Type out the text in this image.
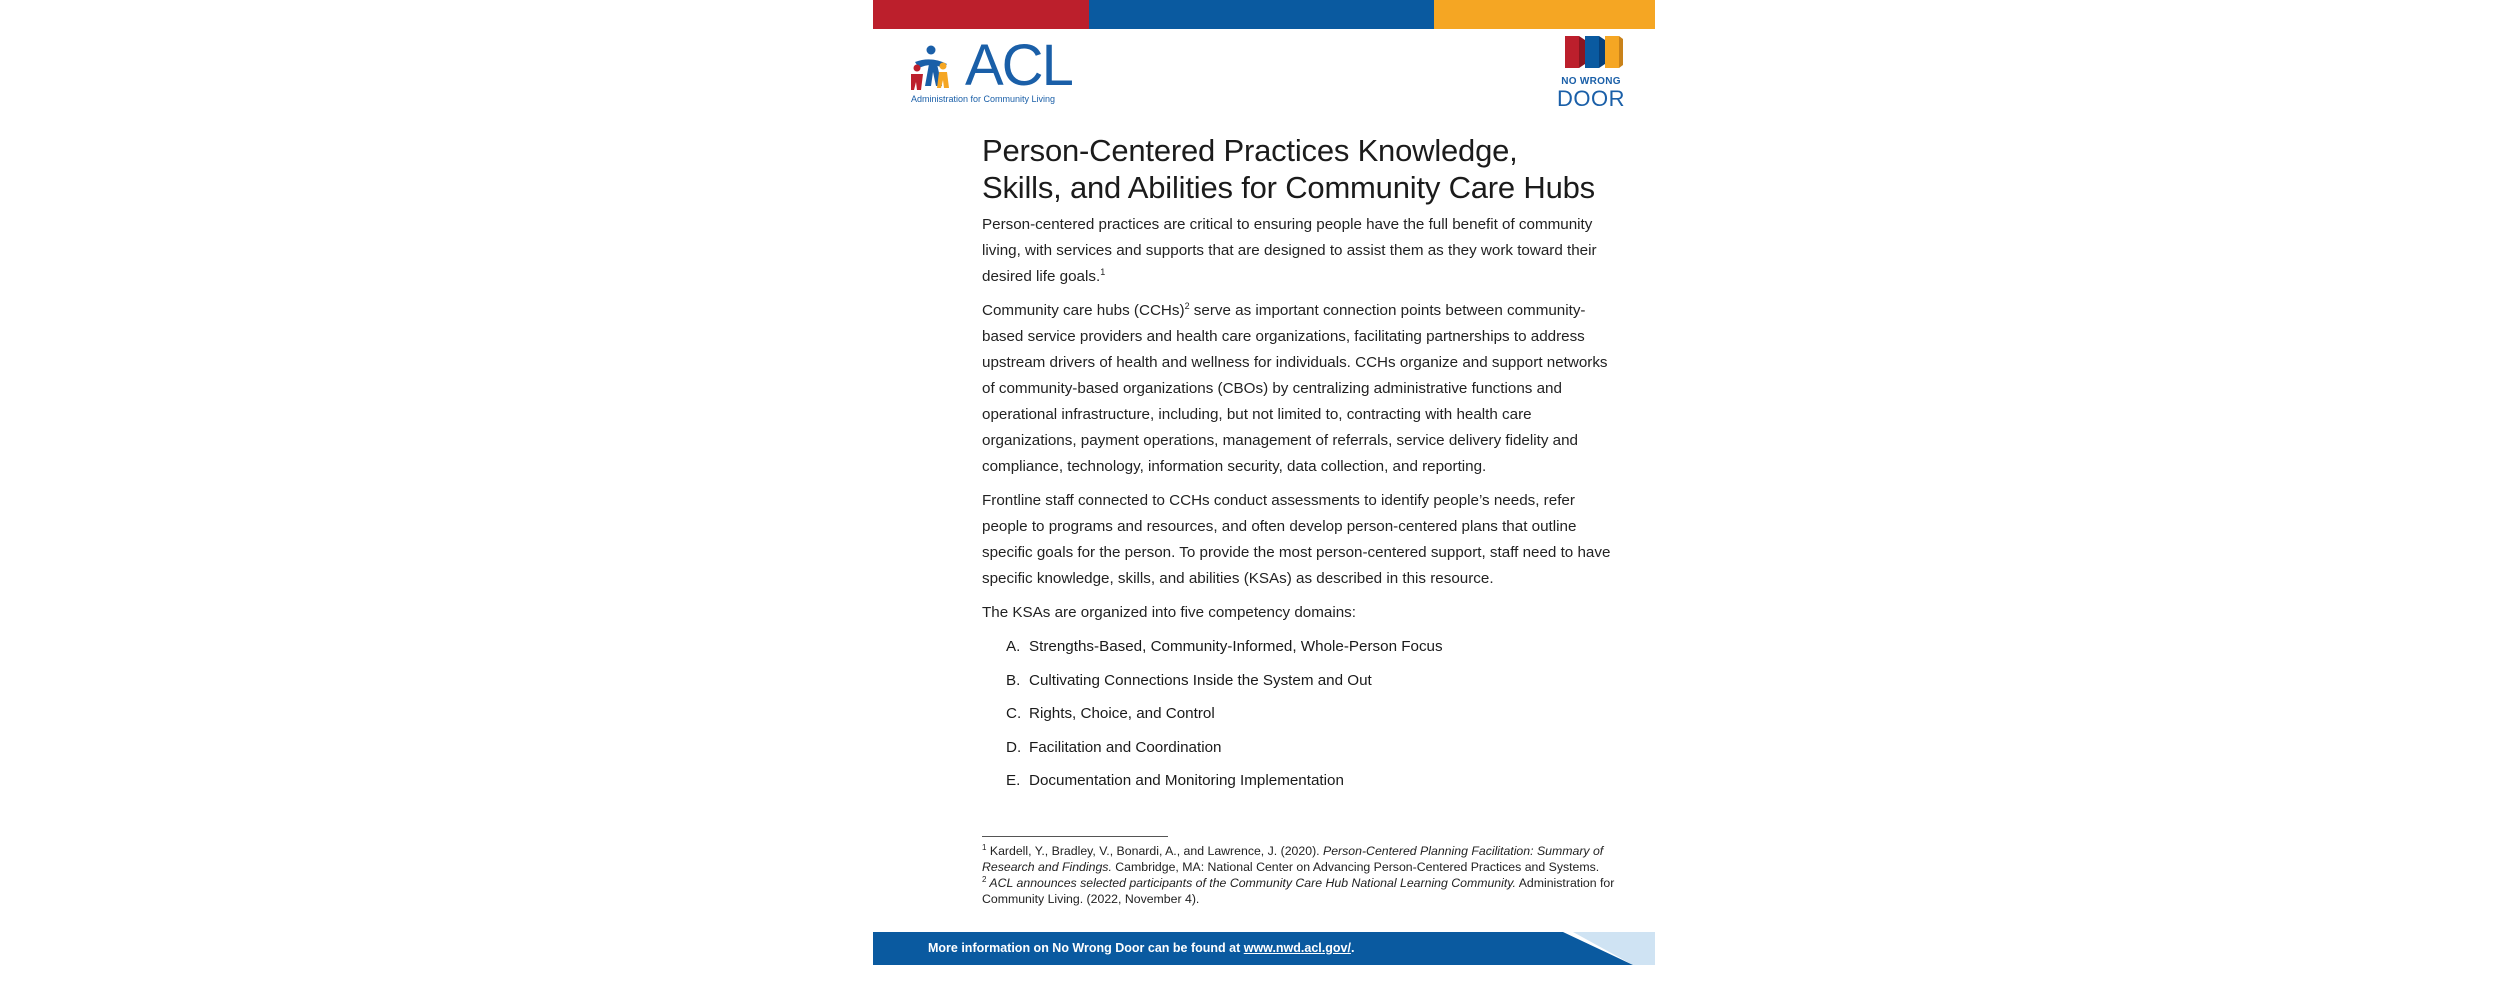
ACL
Administration for Community Living
NO WRONG
DOOR
Person-Centered Practices Knowledge,
Skills, and Abilities for Community Care Hubs

Person-centered practices are critical to ensuring people have the full benefit of community living, with services and supports that are designed to assist them as they work toward their desired life goals.$^1$

Community care hubs (CCHs)$^2$ serve as important connection points between community-based service providers and health care organizations, facilitating partnerships to address upstream drivers of health and wellness for individuals. CCHs organize and support networks of community-based organizations (CBOs) by centralizing administrative functions and operational infrastructure, including, but not limited to, contracting with health care organizations, payment operations, management of referrals, service delivery fidelity and compliance, technology, information security, data collection, and reporting.

Frontline staff connected to CCHs conduct assessments to identify people’s needs, refer people to programs and resources, and often develop person-centered plans that outline specific goals for the person. To provide the most person-centered support, staff need to have specific knowledge, skills, and abilities (KSAs) as described in this resource.

The KSAs are organized into five competency domains:

A. Strengths-Based, Community-Informed, Whole-Person Focus
B. Cultivating Connections Inside the System and Out
C. Rights, Choice, and Control
D. Facilitation and Coordination
E. Documentation and Monitoring Implementation

$^1$ Kardell, Y., Bradley, V., Bonardi, A., and Lawrence, J. (2020). Person-Centered Planning Facilitation: Summary of Research and Findings. Cambridge, MA: National Center on Advancing Person-Centered Practices and Systems.

$^2$ ACL announces selected participants of the Community Care Hub National Learning Community. Administration for Community Living. (2022, November 4).

More information on No Wrong Door can be found at www.nwd.acl.gov/.
